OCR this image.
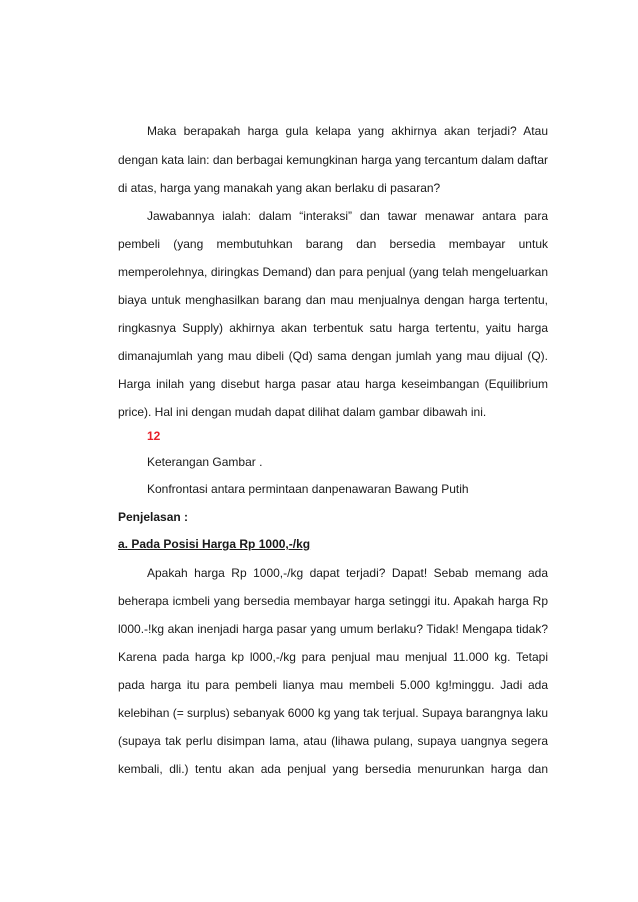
Maka berapakah harga gula kelapa yang akhirnya akan terjadi? Atau
dengan kata lain: dan berbagai kemungkinan harga yang tercantum dalam daftar
di atas, harga yang manakah yang akan berlaku di pasaran?
Jawabannya ialah: dalam “interaksi” dan tawar menawar antara para
pembeli (yang membutuhkan barang dan bersedia membayar untuk
memperolehnya, diringkas Demand) dan para penjual (yang telah mengeluarkan
biaya untuk menghasilkan barang dan mau menjualnya dengan harga tertentu,
ringkasnya Supply) akhirnya akan terbentuk satu harga tertentu, yaitu harga
dimanajumlah yang mau dibeli (Qd) sama dengan jumlah yang mau dijual (Q).
Harga inilah yang disebut harga pasar atau harga keseimbangan (Equilibrium
price). Hal ini dengan mudah dapat dilihat dalam gambar dibawah ini.
12
Keterangan Gambar .
Konfrontasi antara permintaan danpenawaran Bawang Putih
Penjelasan :
a. Pada Posisi Harga Rp 1000,-/kg
Apakah harga Rp 1000,-/kg dapat terjadi? Dapat! Sebab memang ada
beherapa icmbeli yang bersedia membayar harga setinggi itu. Apakah harga Rp
l000.-!kg akan inenjadi harga pasar yang umum berlaku? Tidak! Mengapa tidak?
Karena pada harga kp l000,-/kg para penjual mau menjual 11.000 kg. Tetapi
pada harga itu para pembeli lianya mau membeli 5.000 kg!minggu. Jadi ada
kelebihan (= surplus) sebanyak 6000 kg yang tak terjual. Supaya barangnya laku
(supaya tak perlu disimpan lama, atau (lihawa pulang, supaya uangnya segera
kembali, dli.) tentu akan ada penjual yang bersedia menurunkan harga dan
